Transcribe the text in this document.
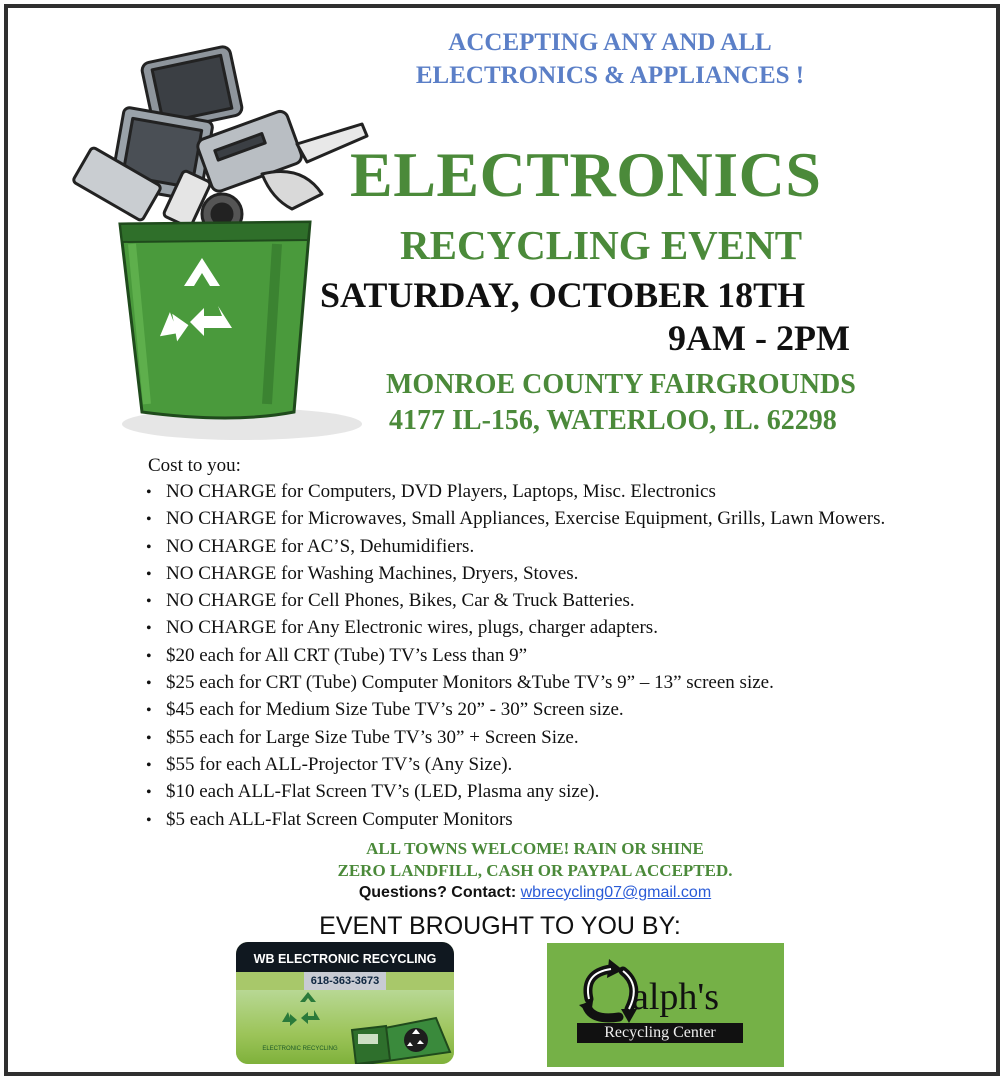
ACCEPTING ANY AND ALL
ELECTRONICS & APPLIANCES !
ELECTRONICS
RECYCLING EVENT
SATURDAY, OCTOBER 18TH
9AM - 2PM
MONROE COUNTY FAIRGROUNDS
4177 IL-156, WATERLOO, IL. 62298
Cost to you:
• NO CHARGE for Computers, DVD Players, Laptops, Misc. Electronics
• NO CHARGE for Microwaves, Small Appliances, Exercise Equipment, Grills, Lawn Mowers.
• NO CHARGE for AC’S, Dehumidifiers.
• NO CHARGE for Washing Machines, Dryers, Stoves.
• NO CHARGE for Cell Phones, Bikes, Car & Truck Batteries.
• NO CHARGE for Any Electronic wires, plugs, charger adapters.
• $20 each for All CRT (Tube) TV’s Less than 9”
• $25 each for CRT (Tube) Computer Monitors &Tube TV’s 9” – 13” screen size.
• $45 each for Medium Size Tube TV’s 20” - 30” Screen size.
• $55 each for Large Size Tube TV’s 30” + Screen Size.
• $55 for each ALL-Projector TV’s (Any Size).
• $10 each ALL-Flat Screen TV’s (LED, Plasma any size).
• $5 each ALL-Flat Screen Computer Monitors
ALL TOWNS WELCOME! RAIN OR SHINE
ZERO LANDFILL, CASH OR PAYPAL ACCEPTED.
Questions? Contact: wbrecycling07@gmail.com
EVENT BROUGHT TO YOU BY:
WB ELECTRONIC RECYCLING
618-363-3673
ELECTRONIC RECYCLING
alph's
Recycling Center
